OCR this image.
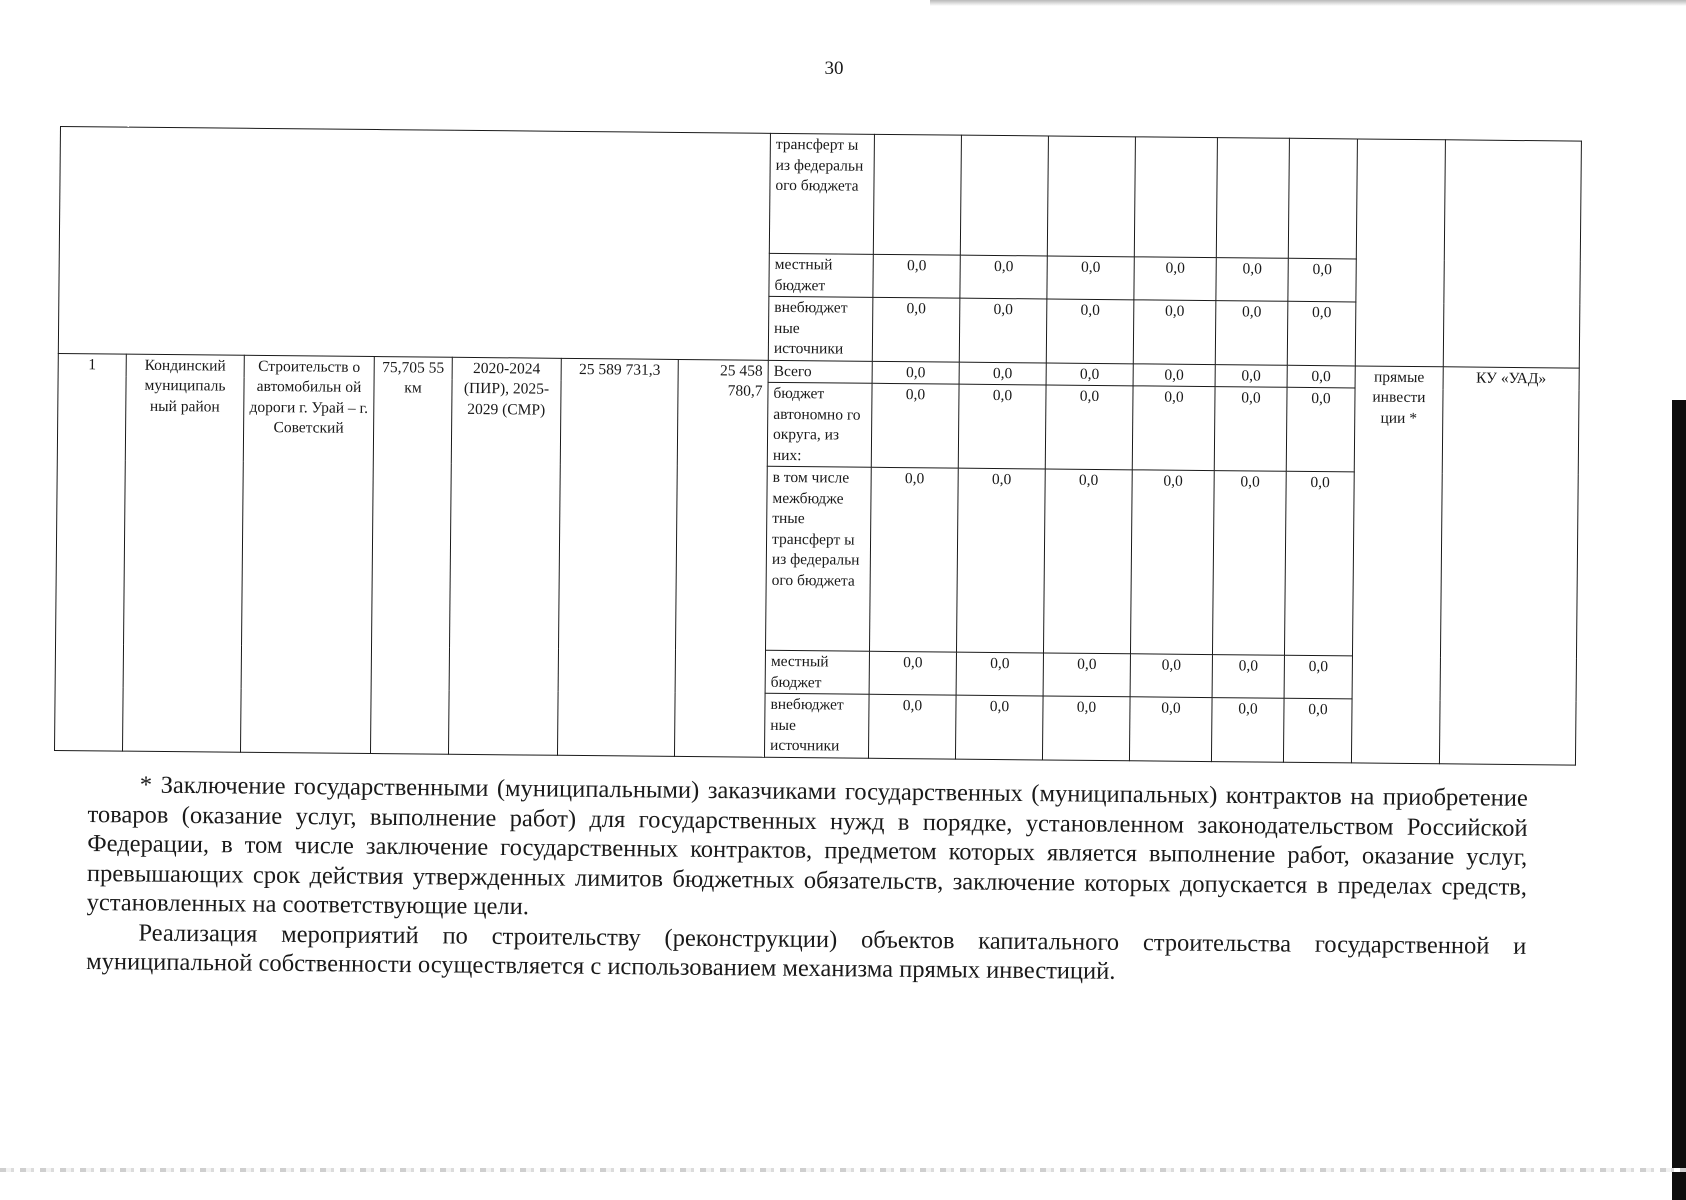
30
							трансферт ы из федеральн ого бюджета								
							местный бюджет	0,0	0,0	0,0	0,0	0,0	0,0		
							внебюджет ные источники	0,0	0,0	0,0	0,0	0,0	0,0		
1	Кондинский муниципаль ный район	Строительств о автомобильн ой дороги г. Урай – г. Советский	75,705 55 км	2020-2024 (ПИР), 2025-2029 (СМР)	25 589 731,3	25 458 780,7	Всего	0,0	0,0	0,0	0,0	0,0	0,0	прямые инвести ции *	КУ «УАД»
							бюджет автономно го округа, из них:	0,0	0,0	0,0	0,0	0,0	0,0		
							в том числе межбюдже тные трансферт ы из федеральн ого бюджета	0,0	0,0	0,0	0,0	0,0	0,0		
							местный бюджет	0,0	0,0	0,0	0,0	0,0	0,0		
							внебюджет ные источники	0,0	0,0	0,0	0,0	0,0	0,0		

* Заключение государственными (муниципальными) заказчиками государственных (муниципальных) контрактов на приобретение товаров (оказание услуг, выполнение работ) для государственных нужд в порядке, установленном законодательством Российской Федерации, в том числе заключение государственных контрактов, предметом которых является выполнение работ, оказание услуг, превышающих срок действия утвержденных лимитов бюджетных обязательств, заключение которых допускается в пределах средств, установленных на соответствующие цели.

Реализация мероприятий по строительству (реконструкции) объектов капитального строительства государственной и муниципальной собственности осуществляется с использованием механизма прямых инвестиций.
